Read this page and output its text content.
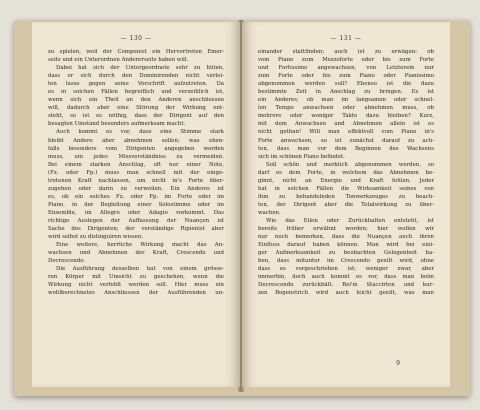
— 130 —
zu spielen, weil der Componist ein Hervortreten Emer-
seits und ein Unterordnen Andererseits haben will.
Dabei hat sich der Untergeordnete sehr zu hüten,
dass er sich durch den Dominirenden nicht verlei-
ten lasse gegen seine Vorschrift aufzutreten. Da
es in solchen Fällen begreiflich und verzeihlich ist,
wenn sich ein Theil an den Anderen anschliessen
will, dadurch aber eine Störung der Wirkung ent-
steht, so ist es nöthig, dass der Dirigent auf den
besagten Umstand besonders aufmerksam macht.
Auch kommt es vor, dass eine Stimme stark
bleibt Andere aber abnehmen sollen; was eben-
falls besonders vom Dirigenten angegeben werden
muss, um jedes Missverständniss zu vermeiden.
Bei einem starken Anschlag, oft nur einer Note,
(Fz. oder Fp.) muss man schnell mit der einge-
tretenen Kraft nachlassen, um nicht in's Forte über-
zugehen oder darin zu verweilen. Ein Anderes ist
es, ob ein solches Fz. oder Fp. im Forte oder im
Piano, in der Begleitung einer Solostimme oder im
Ensemble, im Allegro oder Adagio vorkommt. Das
richtige Auslegen der Auffassung der Nuançen ist
Sache des Dirigenten; der verständige Ripienist aber
wird selbst zu distinguiren wissen.
Eine weitere, herrliche Wirkung macht das An-
wachsen und Abnehmen der Kraft, Crescendo und
Decrescendo.
Die Ausführung desselben hat von einem grössе-
ren Körper mit Umsicht zu geschehen, wenn die
Wirkung nicht verfehlt werden soll. Hier muss ein
wohlberechnetes Anschliessen der Ausführenden un-
— 131 —
einander stattfinden; auch ist zu erwägen: ob
vom Piano zum Mezzoforte oder bis zum Forte
und Fortissimo angewachsen, von Letzterem nur
zum Forte oder bis zum Piano oder Pianissimo
abgenommen werden soll? Ebenso ist die dazu
bestimmte Zeit in Anschlag zu bringen. Es ist
ein Anderes, ob man im langsamen oder schnel-
len Tempo anwachsen oder abnehmen muss, ob
mehrere oder weniger Takte dazu bleiben? Kurz,
mit dem Anwachsen und Abnehmen allein ist es
nicht gethan! Will man effektvoll vom Piano in's
Forte anwachsen, so ist zunächst darauf zu ach-
ten, dass man vor dem Beginnen des Wachsens
sich im schönen Piano befindet.
Soll schön und merklich abgenommen werden, so
darf es dem Forte, in welchem das Abnehmen be-
ginnt, nicht an Energie und Kraft fehlen. Jeder
hat in solchen Fällen die Wirksamkeit seines von
ihm zu behandelnden Tonwerkzeuges zu beach-
ten, der Dirigent aber die Totalwirkung zu über-
wachen.
Wie das Eilen oder Zurückhalten entsteht, ist
bereits früher erwähnt worden; hier wollen wir
nur noch bemerken, dass die Nuançen auch ihren
Einfluss darauf haben können. Man wird bei eini-
ger Aufmerksamkeit zu beobachten Gelegenheit ha-
ben, dass mitunter im Crescendo geeilt wird, ohne
dass es vorgeschrieben ist; weniger zwar, aber
immerhin, doch auch kommt es vor, dass man beim
Decrescendo zurückhält. Bei'm Staccirten und kur-
zen Bogenstrich wird auch leicht geeilt, was man
9
